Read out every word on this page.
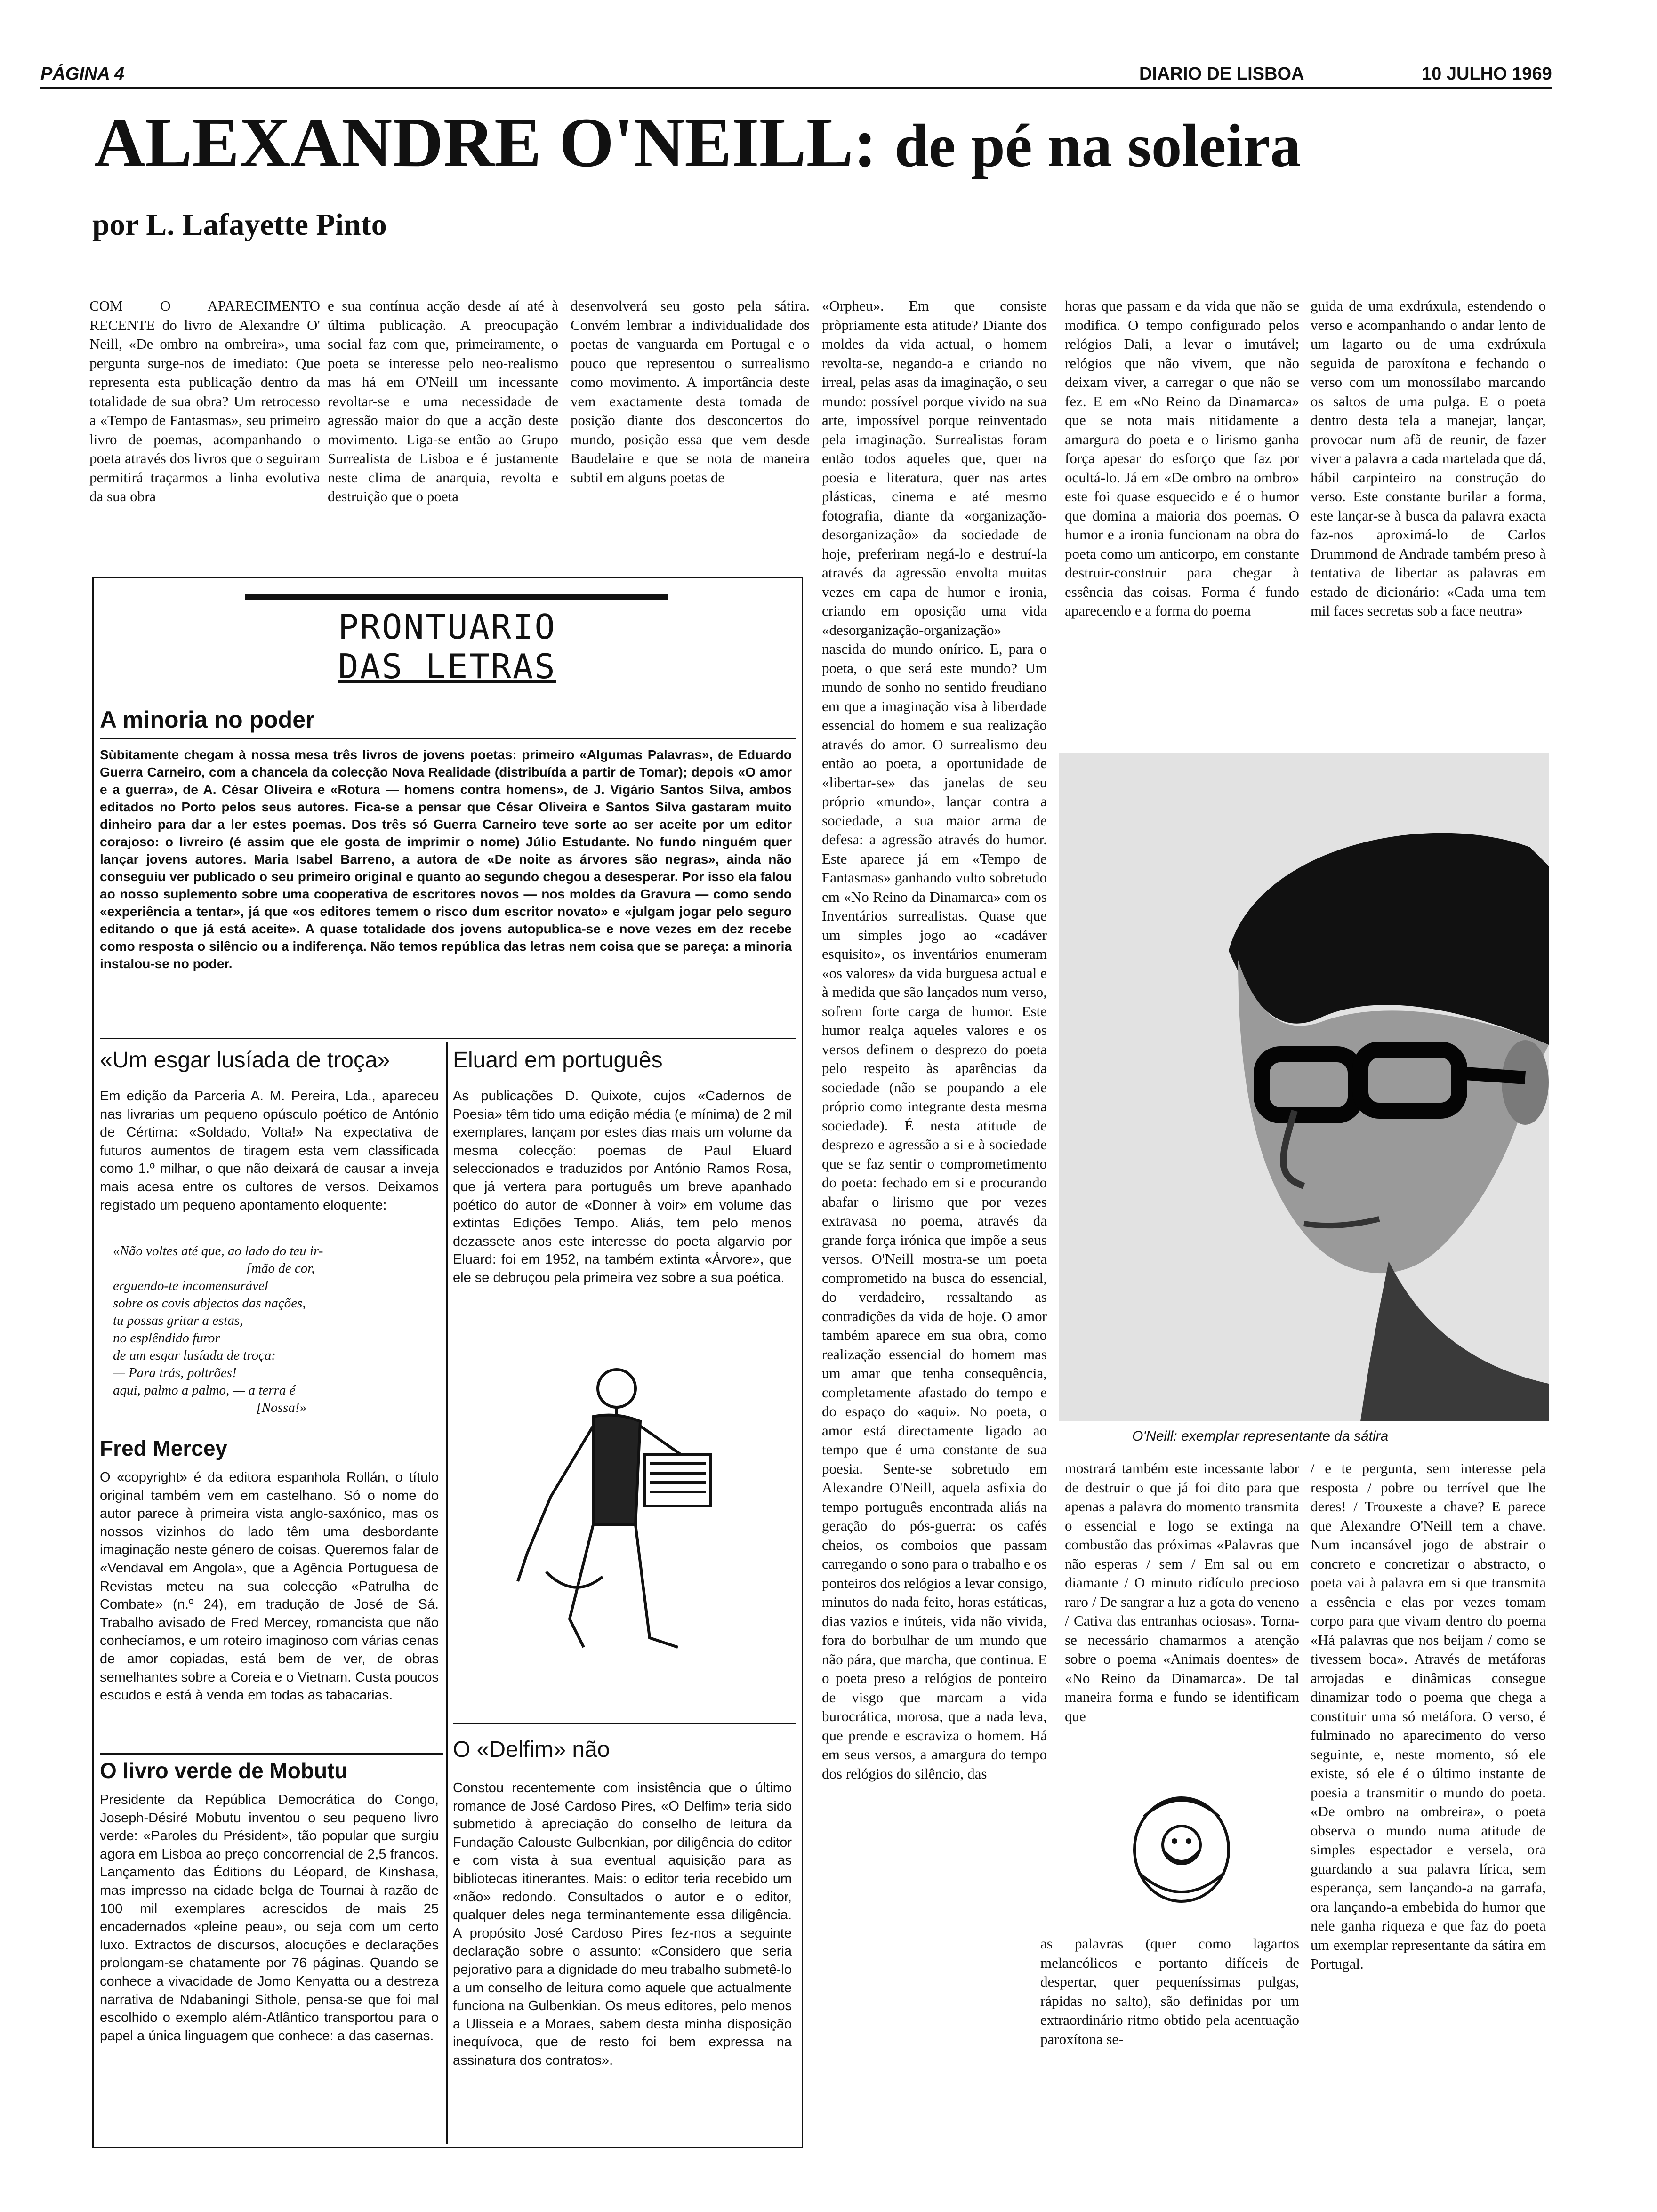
PÁGINA 4	DIARIO DE LISBOA	10 JULHO 1969
ALEXANDRE O'NEILL: de pé na soleira
por L. Lafayette Pinto

COM O APARECIMENTO RECENTE do livro de Alexandre O' Neill, «De ombro na ombreira», uma pergunta surge-nos de imediato: Que representa esta publicação dentro da totalidade de sua obra? Um retrocesso a «Tempo de Fantasmas», seu primeiro livro de poemas, acompanhando o poeta através dos livros que o seguiram permitirá traçarmos a linha evolutiva da sua obra

e sua contínua acção desde aí até à última publicação. A preocupação social faz com que, primeiramente, o poeta se interesse pelo neo-realismo mas há em O'Neill um incessante revoltar-se e uma necessidade de agressão maior do que a acção deste movimento. Liga-se então ao Grupo Surrealista de Lisboa e é justamente neste clima de anarquia, revolta e destruição que o poeta

desenvolverá seu gosto pela sátira. Convém lembrar a individualidade dos poetas de vanguarda em Portugal e o pouco que representou o surrealismo como movimento. A importância deste vem exactamente desta tomada de posição diante dos desconcertos do mundo, posição essa que vem desde Baudelaire e que se nota de maneira subtil em alguns poetas de

«Orpheu». Em que consiste pròpriamente esta atitude? Diante dos moldes da vida actual, o homem revolta-se, negando-a e criando no irreal, pelas asas da imaginação, o seu mundo: possível porque vivido na sua arte, impossível porque reinventado pela imaginação. Surrealistas foram então todos aqueles que, quer na poesia e literatura, quer nas artes plásticas, cinema e até mesmo fotografia, diante da «organização-desorganização» da sociedade de hoje, preferiram negá-lo e destruí-la através da agressão envolta muitas vezes em capa de humor e ironia, criando em oposição uma vida «desorganização-organização» nascida do mundo onírico. E, para o poeta, o que será este mundo? Um mundo de sonho no sentido freudiano em que a imaginação visa à liberdade essencial do homem e sua realização através do amor. O surrealismo deu então ao poeta, a oportunidade de «libertar-se» das janelas de seu próprio «mundo», lançar contra a sociedade, a sua maior arma de defesa: a agressão através do humor. Este aparece já em «Tempo de Fantasmas» ganhando vulto sobretudo em «No Reino da Dinamarca» com os Inventários surrealistas. Quase que um simples jogo ao «cadáver esquisito», os inventários enumeram «os valores» da vida burguesa actual e à medida que são lançados num verso, sofrem forte carga de humor. Este humor realça aqueles valores e os versos definem o desprezo do poeta pelo respeito às aparências da sociedade (não se poupando a ele próprio como integrante desta mesma sociedade). É nesta atitude de desprezo e agressão a si e à sociedade que se faz sentir o comprometimento do poeta: fechado em si e procurando abafar o lirismo que por vezes extravasa no poema, através da grande força irónica que impõe a seus versos. O'Neill mostra-se um poeta comprometido na busca do essencial, do verdadeiro, ressaltando as contradições da vida de hoje. O amor também aparece em sua obra, como realização essencial do homem mas um amar que tenha consequência, completamente afastado do tempo e do espaço do «aqui». No poeta, o amor está directamente ligado ao tempo que é uma constante de sua poesia. Sente-se sobretudo em Alexandre O'Neill, aquela asfixia do tempo português encontrada aliás na geração do pós-guerra: os cafés cheios, os comboios que passam carregando o sono para o trabalho e os ponteiros dos relógios a levar consigo, minutos do nada feito, horas estáticas, dias vazios e inúteis, vida não vivida, fora do borbulhar de um mundo que não pára, que marcha, que continua. E o poeta preso a relógios de ponteiro de visgo que marcam a vida burocrática, morosa, que a nada leva, que prende e escraviza o homem. Há em seus versos, a amargura do tempo dos relógios do silêncio, das

horas que passam e da vida que não se modifica. O tempo configurado pelos relógios Dali, a levar o imutável; relógios que não vivem, que não deixam viver, a carregar o que não se fez. E em «No Reino da Dinamarca» que se nota mais nitidamente a amargura do poeta e o lirismo ganha força apesar do esforço que faz por ocultá-lo. Já em «De ombro na ombro» este foi quase esquecido e é o humor que domina a maioria dos poemas. O humor e a ironia funcionam na obra do poeta como um anticorpo, em constante destruir-construir para chegar à essência das coisas. Forma é fundo aparecendo e a forma do poema

guida de uma exdrúxula, estendendo o verso e acompanhando o andar lento de um lagarto ou de uma exdrúxula seguida de paroxítona e fechando o verso com um monossílabo marcando os saltos de uma pulga. E o poeta dentro desta tela a manejar, lançar, provocar num afã de reunir, de fazer viver a palavra a cada martelada que dá, hábil carpinteiro na construção do verso. Este constante burilar a forma, este lançar-se à busca da palavra exacta faz-nos aproximá-lo de Carlos Drummond de Andrade também preso à tentativa de libertar as palavras em estado de dicionário: «Cada uma tem mil faces secretas sob a face neutra»

O'Neill: exemplar representante da sátira

mostrará também este incessante labor de destruir o que já foi dito para que apenas a palavra do momento transmita o essencial e logo se extinga na combustão das próximas «Palavras que não esperas / sem / Em sal ou em diamante / O minuto ridículo precioso raro / De sangrar a luz a gota do veneno / Cativa das entranhas ociosas». Torna-se necessário chamarmos a atenção sobre o poema «Animais doentes» de «No Reino da Dinamarca». De tal maneira forma e fundo se identificam que

as palavras (quer como lagartos melancólicos e portanto difíceis de despertar, quer pequeníssimas pulgas, rápidas no salto), são definidas por um extraordinário ritmo obtido pela acentuação paroxítona se-

/ e te pergunta, sem interesse pela resposta / pobre ou terrível que lhe deres! / Trouxeste a chave? E parece que Alexandre O'Neill tem a chave. Num incansável jogo de abstrair o concreto e concretizar o abstracto, o poeta vai à palavra em si que transmita a essência e elas por vezes tomam corpo para que vivam dentro do poema «Há palavras que nos beijam / como se tivessem boca». Através de metáforas arrojadas e dinâmicas consegue dinamizar todo o poema que chega a constituir uma só metáfora. O verso, é fulminado no aparecimento do verso seguinte, e, neste momento, só ele existe, só ele é o último instante de poesia a transmitir o mundo do poeta. «De ombro na ombreira», o poeta observa o mundo numa atitude de simples espectador e versela, ora guardando a sua palavra lírica, sem esperança, sem lançando-a na garrafa, ora lançando-a embebida do humor que nele ganha riqueza e que faz do poeta um exemplar representante da sátira em Portugal.

PRONTUARIO
DAS LETRAS
A minoria no poder

Sùbitamente chegam à nossa mesa três livros de jovens poetas: primeiro «Algumas Palavras», de Eduardo Guerra Carneiro, com a chancela da colecção Nova Realidade (distribuída a partir de Tomar); depois «O amor e a guerra», de A. César Oliveira e «Rotura — homens contra homens», de J. Vigário Santos Silva, ambos editados no Porto pelos seus autores. Fica-se a pensar que César Oliveira e Santos Silva gastaram muito dinheiro para dar a ler estes poemas. Dos três só Guerra Carneiro teve sorte ao ser aceite por um editor corajoso: o livreiro (é assim que ele gosta de imprimir o nome) Júlio Estudante. No fundo ninguém quer lançar jovens autores. Maria Isabel Barreno, a autora de «De noite as árvores são negras», ainda não conseguiu ver publicado o seu primeiro original e quanto ao segundo chegou a desesperar. Por isso ela falou ao nosso suplemento sobre uma cooperativa de escritores novos — nos moldes da Gravura — como sendo «experiência a tentar», já que «os editores temem o risco dum escritor novato» e «julgam jogar pelo seguro editando o que já está aceite». A quase totalidade dos jovens autopublica-se e nove vezes em dez recebe como resposta o silêncio ou a indiferença. Não temos república das letras nem coisa que se pareça: a minoria instalou-se no poder.

«Um esgar lusíada de troça»

Em edição da Parceria A. M. Pereira, Lda., apareceu nas livrarias um pequeno opúsculo poético de António de Cértima: «Soldado, Volta!» Na expectativa de futuros aumentos de tiragem esta vem classificada como 1.º milhar, o que não deixará de causar a inveja mais acesa entre os cultores de versos. Deixamos registado um pequeno apontamento eloquente:

«Não voltes até que, ao lado do teu ir-
[mão de cor,
erguendo-te incomensurável
sobre os covis abjectos das nações,
tu possas gritar a estas,
no esplêndido furor
de um esgar lusíada de troça:
— Para trás, poltrões!
aqui, palmo a palmo, — a terra é
[Nossa!»
Eluard em português

As publicações D. Quixote, cujos «Cadernos de Poesia» têm tido uma edição média (e mínima) de 2 mil exemplares, lançam por estes dias mais um volume da mesma colecção: poemas de Paul Eluard seleccionados e traduzidos por António Ramos Rosa, que já vertera para português um breve apanhado poético do autor de «Donner à voir» em volume das extintas Edições Tempo. Aliás, tem pelo menos dezassete anos este interesse do poeta algarvio por Eluard: foi em 1952, na também extinta «Árvore», que ele se debruçou pela primeira vez sobre a sua poética.

Fred Mercey

O «copyright» é da editora espanhola Rollán, o título original também vem em castelhano. Só o nome do autor parece à primeira vista anglo-saxónico, mas os nossos vizinhos do lado têm uma desbordante imaginação neste género de coisas. Queremos falar de «Vendaval em Angola», que a Agência Portuguesa de Revistas meteu na sua colecção «Patrulha de Combate» (n.º 24), em tradução de José de Sá. Trabalho avisado de Fred Mercey, romancista que não conhecíamos, e um roteiro imaginoso com várias cenas de amor copiadas, está bem de ver, de obras semelhantes sobre a Coreia e o Vietnam. Custa poucos escudos e está à venda em todas as tabacarias.

O livro verde de Mobutu

Presidente da República Democrática do Congo, Joseph-Désiré Mobutu inventou o seu pequeno livro verde: «Paroles du Président», tão popular que surgiu agora em Lisboa ao preço concorrencial de 2,5 francos. Lançamento das Éditions du Léopard, de Kinshasa, mas impresso na cidade belga de Tournai à razão de 100 mil exemplares acrescidos de mais 25 encadernados «pleine peau», ou seja com um certo luxo. Extractos de discursos, alocuções e declarações prolongam-se chatamente por 76 páginas. Quando se conhece a vivacidade de Jomo Kenyatta ou a destreza narrativa de Ndabaningi Sithole, pensa-se que foi mal escolhido o exemplo além-Atlântico transportou para o papel a única linguagem que conhece: a das casernas.

O «Delfim» não

Constou recentemente com insistência que o último romance de José Cardoso Pires, «O Delfim» teria sido submetido à apreciação do conselho de leitura da Fundação Calouste Gulbenkian, por diligência do editor e com vista à sua eventual aquisição para as bibliotecas itinerantes. Mais: o editor teria recebido um «não» redondo. Consultados o autor e o editor, qualquer deles nega terminantemente essa diligência. A propósito José Cardoso Pires fez-nos a seguinte declaração sobre o assunto: «Considero que seria pejorativo para a dignidade do meu trabalho submetê-lo a um conselho de leitura como aquele que actualmente funciona na Gulbenkian. Os meus editores, pelo menos a Ulisseia e a Moraes, sabem desta minha disposição inequívoca, que de resto foi bem expressa na assinatura dos contratos».
